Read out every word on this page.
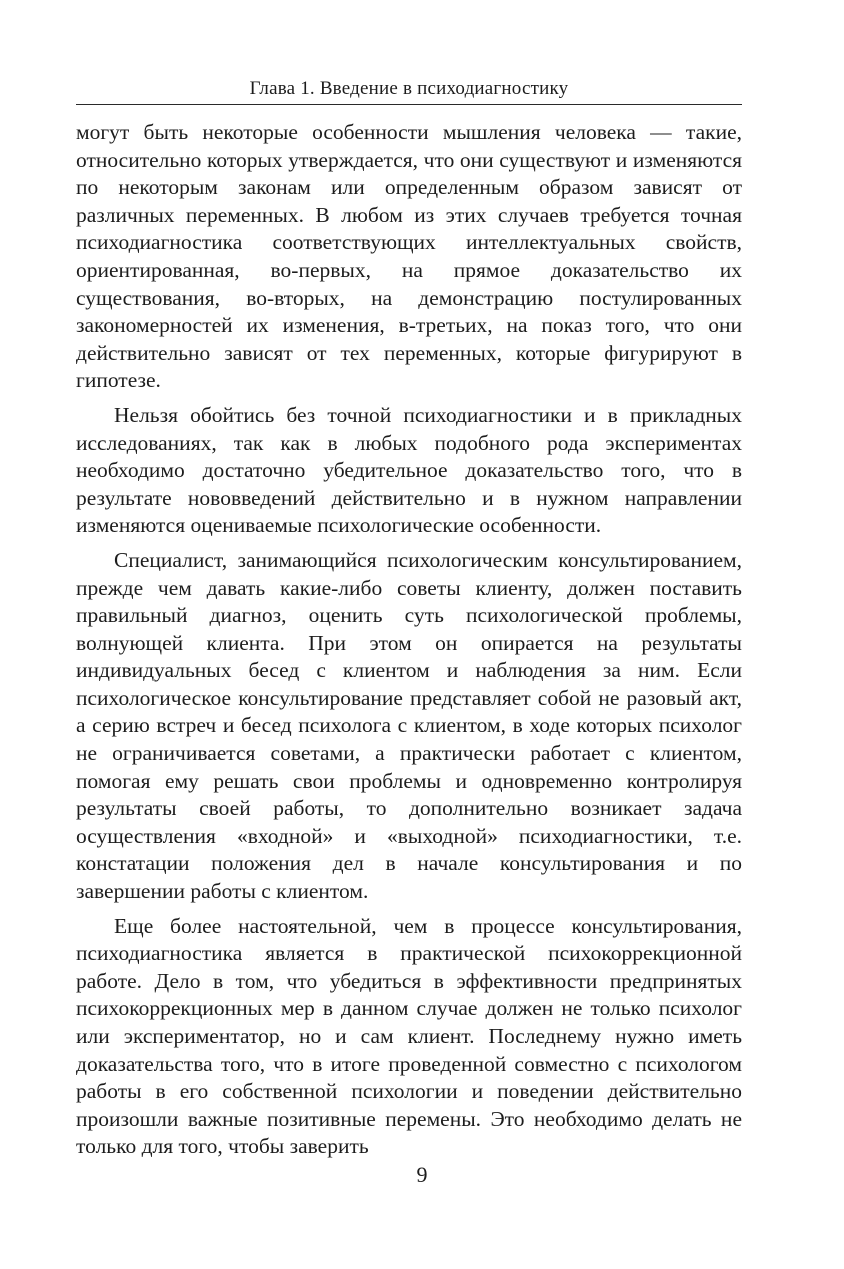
Глава 1. Введение в психодиагностику

могут быть некоторые особенности мышления человека — такие, относительно которых утверждается, что они существуют и изменяются по некоторым законам или определенным образом зависят от различных переменных. В любом из этих случаев требуется точная психодиагностика соответствующих интеллектуальных свойств, ориентированная, во-первых, на прямое доказательство их существования, во-вторых, на демонстрацию постулированных закономерностей их изменения, в-третьих, на показ того, что они действительно зависят от тех переменных, которые фигурируют в гипотезе.

Нельзя обойтись без точной психодиагностики и в прикладных исследованиях, так как в любых подобного рода экспериментах необходимо достаточно убедительное доказательство того, что в результате нововведений действительно и в нужном направлении изменяются оцениваемые психологические особенности.

Специалист, занимающийся психологическим консультированием, прежде чем давать какие-либо советы клиенту, должен поставить правильный диагноз, оценить суть психологической проблемы, волнующей клиента. При этом он опирается на результаты индивидуальных бесед с клиентом и наблюдения за ним. Если психологическое консультирование представляет собой не разовый акт, а серию встреч и бесед психолога с клиентом, в ходе которых психолог не ограничивается советами, а практически работает с клиентом, помогая ему решать свои проблемы и одновременно контролируя результаты своей работы, то дополнительно возникает задача осуществления «входной» и «выходной» психодиагностики, т.е. констатации положения дел в начале консультирования и по завершении работы с клиентом.

Еще более настоятельной, чем в процессе консультирования, психодиагностика является в практической психокоррекционной работе. Дело в том, что убедиться в эффективности предпринятых психокоррекционных мер в данном случае должен не только психолог или экспериментатор, но и сам клиент. Последнему нужно иметь доказательства того, что в итоге проведенной совместно с психологом работы в его собственной психологии и поведении действительно произошли важные позитивные перемены. Это необходимо делать не только для того, чтобы заверить

9
